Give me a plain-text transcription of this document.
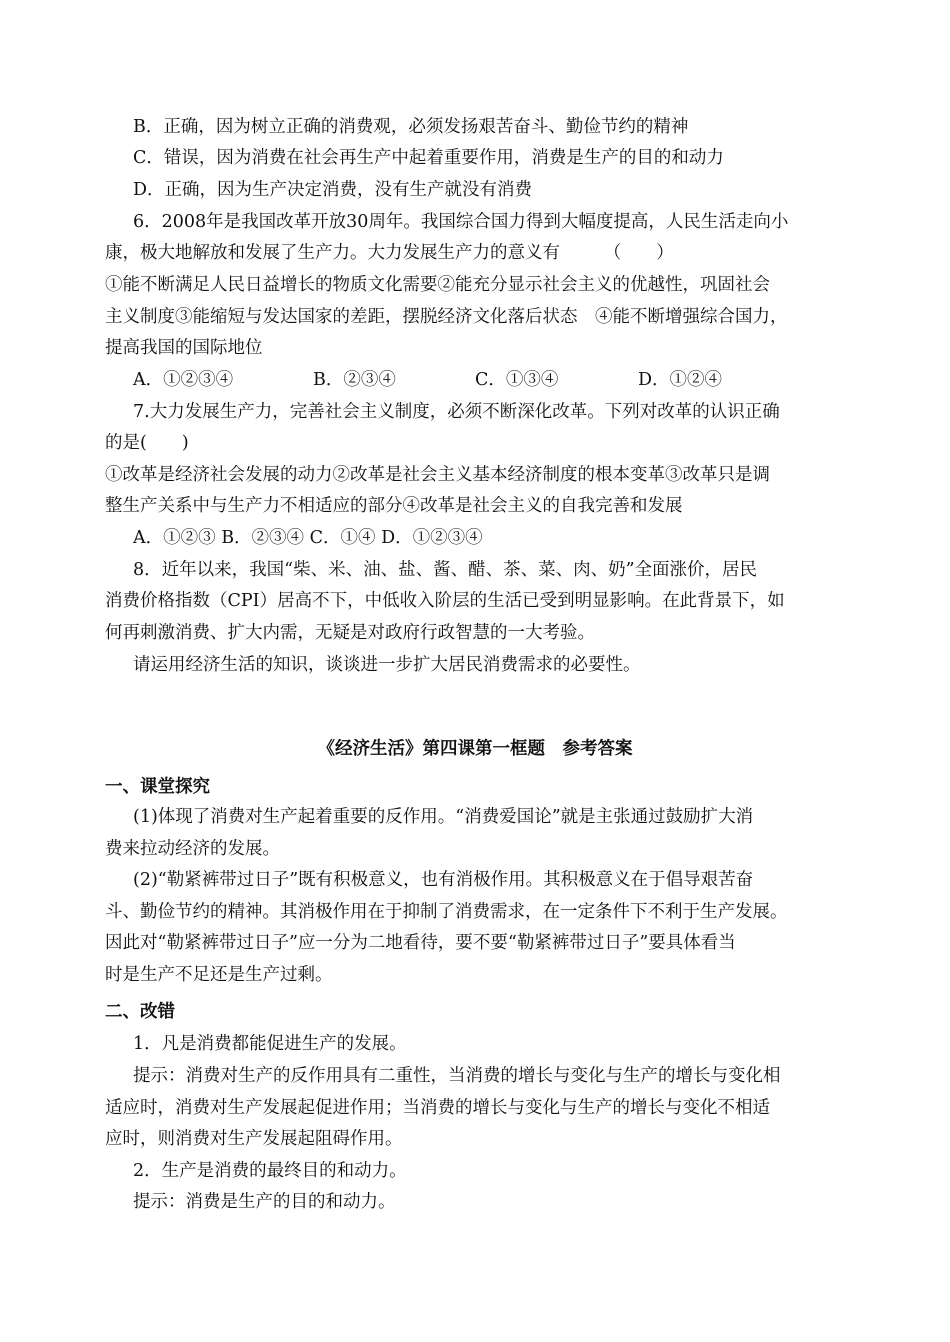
B．正确，因为树立正确的消费观，必须发扬艰苦奋斗、勤俭节约的精神
C．错误，因为消费在社会再生产中起着重要作用，消费是生产的目的和动力
D．正确，因为生产决定消费，没有生产就没有消费
6．2008年是我国改革开放30周年。我国综合国力得到大幅度提高，人民生活走向小
康，极大地解放和发展了生产力。大力发展生产力的意义有　　　（　　）
①能不断满足人民日益增长的物质文化需要②能充分显示社会主义的优越性，巩固社会
主义制度③能缩短与发达国家的差距，摆脱经济文化落后状态　④能不断增强综合国力，
提高我国的国际地位
A．①②③④	B．②③④	C．①③④	D．①②④
7.大力发展生产力，完善社会主义制度，必须不断深化改革。下列对改革的认识正确
的是(　　)
①改革是经济社会发展的动力②改革是社会主义基本经济制度的根本变革③改革只是调
整生产关系中与生产力不相适应的部分④改革是社会主义的自我完善和发展
A．①②③ B．②③④ C．①④ D．①②③④
8．近年以来，我国“柴、米、油、盐、酱、醋、茶、菜、肉、奶”全面涨价，居民
消费价格指数（CPI）居高不下，中低收入阶层的生活已受到明显影响。在此背景下，如
何再刺激消费、扩大内需，无疑是对政府行政智慧的一大考验。
请运用经济生活的知识，谈谈进一步扩大居民消费需求的必要性。
《经济生活》第四课第一框题　参考答案
一、课堂探究
(1)体现了消费对生产起着重要的反作用。“消费爱国论”就是主张通过鼓励扩大消
费来拉动经济的发展。
(2)“勒紧裤带过日子”既有积极意义，也有消极作用。其积极意义在于倡导艰苦奋
斗、勤俭节约的精神。其消极作用在于抑制了消费需求，在一定条件下不利于生产发展。
因此对“勒紧裤带过日子”应一分为二地看待，要不要“勒紧裤带过日子”要具体看当
时是生产不足还是生产过剩。
二、改错
1．凡是消费都能促进生产的发展。
提示：消费对生产的反作用具有二重性，当消费的增长与变化与生产的增长与变化相
适应时，消费对生产发展起促进作用；当消费的增长与变化与生产的增长与变化不相适
应时，则消费对生产发展起阻碍作用。
2．生产是消费的最终目的和动力。
提示：消费是生产的目的和动力。
